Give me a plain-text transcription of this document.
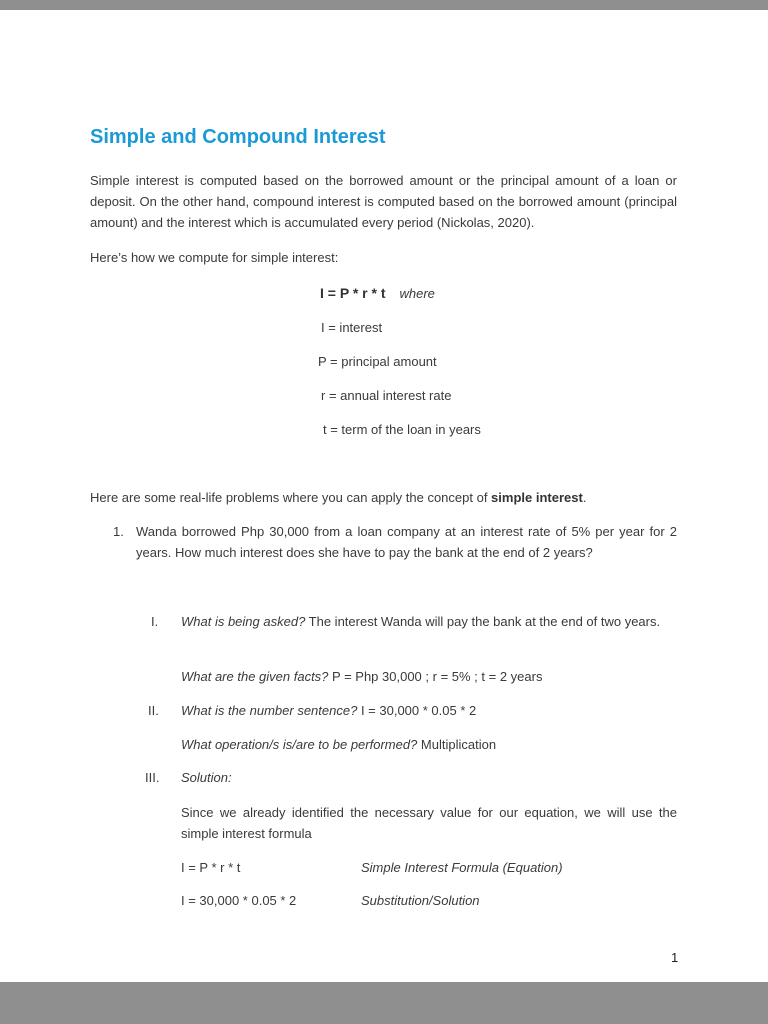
Simple and Compound Interest
Simple interest is computed based on the borrowed amount or the principal amount of a loan or deposit. On the other hand, compound interest is computed based on the borrowed amount (principal amount) and the interest which is accumulated every period (Nickolas, 2020).
Here’s how we compute for simple interest:
I = P * r * t where
I = interest
P = principal amount
r = annual interest rate
t = term of the loan in years
Here are some real-life problems where you can apply the concept of simple interest.
1. Wanda borrowed Php 30,000 from a loan company at an interest rate of 5% per year for 2 years. How much interest does she have to pay the bank at the end of 2 years?
I. What is being asked? The interest Wanda will pay the bank at the end of two years.
What are the given facts? P = Php 30,000 ; r = 5% ; t = 2 years
II. What is the number sentence? I = 30,000 * 0.05 * 2
What operation/s is/are to be performed? Multiplication
III. Solution:
Since we already identified the necessary value for our equation, we will use the simple interest formula
I = P * r * t	Simple Interest Formula (Equation)
I = 30,000 * 0.05 * 2	Substitution/Solution
1
